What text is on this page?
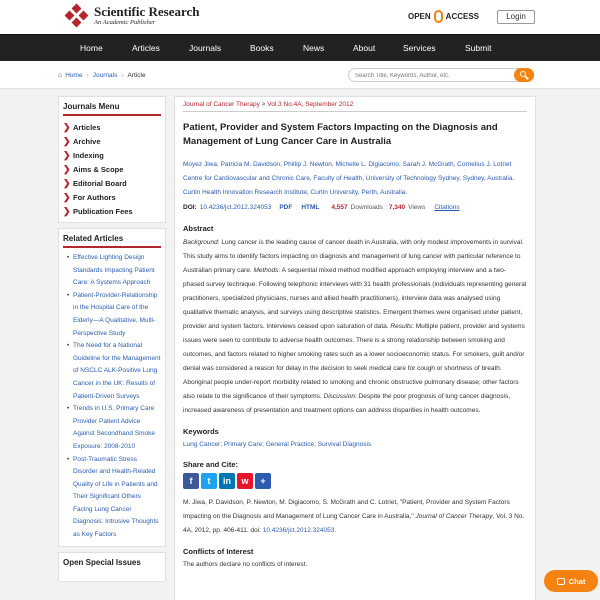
Scientific Research
An Academic Publisher
OPEN ACCESS	Login
Home	Articles	Journals	Books	News	About	Services	Submit
⌂ Home › Journals › Article
Search Title, Keywords, Author, etc.
Journals Menu
❯ Articles
❯ Archive
❯ Indexing
❯ Aims & Scope
❯ Editorial Board
❯ For Authors
❯ Publication Fees
Related Articles
• Effective Lighting Design Standards Impacting Patient Care: A Systems Approach
• Patient-Provider-Relationship in the Hospital Care of the Elderly—A Qualitative, Multi-Perspective Study
• The Need for a National Guideline for the Management of NSCLC ALK-Positive Lung Cancer in the UK: Results of Patient-Driven Surveys
• Trends in U.S. Primary Care Provider Patient Advice Against Secondhand Smoke Exposure: 2008-2010
• Post-Traumatic Stress Disorder and Health-Related Quality of Life in Patients and Their Significant Others Facing Lung Cancer Diagnosis: Intrusive Thoughts as Key Factors
Open Special Issues
Journal of Cancer Therapy > Vol.3 No.4A, September 2012
Patient, Provider and System Factors Impacting on the Diagnosis and Management of Lung Cancer Care in Australia
Moyez Jiwa, Patricia M. Davidson, Phillip J. Newton, Michelle L. Digiacomo, Sarah J. McGrath, Cornelius J. Lotriet
Centre for Cardiovascular and Chronic Care, Faculty of Health, University of Technology Sydney, Sydney, Australia.
Curtin Health Innovation Research Institute, Curtin University, Perth, Australia.
DOI: 10.4236/jct.2012.324053 PDF HTML 4,557 Downloads 7,340 Views Citations
Abstract
Background: Lung cancer is the leading cause of cancer death in Australia, with only modest improvements in survival. This study aims to identify factors impacting on diagnosis and management of lung cancer with particular reference to Australian primary care. Methods: A sequential mixed method modified approach employing interview and a two-phased survey technique. Following telephonic interviews with 31 health professionals (individuals representing general practitioners, specialized physicians, nurses and allied health practitioners), interview data was analysed using qualitative thematic analysis, and surveys using descriptive statistics. Emergent themes were organised under patient, provider and system factors. Interviews ceased upon saturation of data. Results: Multiple patient, provider and systems issues were seen to contribute to adverse health outcomes. There is a strong relationship between smoking and outcomes, and factors related to higher smoking rates such as a lower socioeconomic status. For smokers, guilt and/or denial was considered a reason for delay in the decision to seek medical care for cough or shortness of breath. Aboriginal people under-report morbidity related to smoking and chronic obstructive pulmonary disease; other factors also relate to the significance of their symptoms. Discussion: Despite the poor prognosis of lung cancer diagnosis, increased awareness of presentation and treatment options can address disparities in health outcomes.
Keywords
Lung Cancer; Primary Care; General Practice; Survival Diagnosis
Share and Cite:
f	t	in	w	+
M. Jiwa, P. Davidson, P. Newton, M. Digiacomo, S. McGrath and C. Lotriet, "Patient, Provider and System Factors Impacting on the Diagnosis and Management of Lung Cancer Care in Australia," Journal of Cancer Therapy, Vol. 3 No. 4A, 2012, pp. 406-411. doi: 10.4236/jct.2012.324053.
Conflicts of Interest
The authors declare no conflicts of interest.
Chat
